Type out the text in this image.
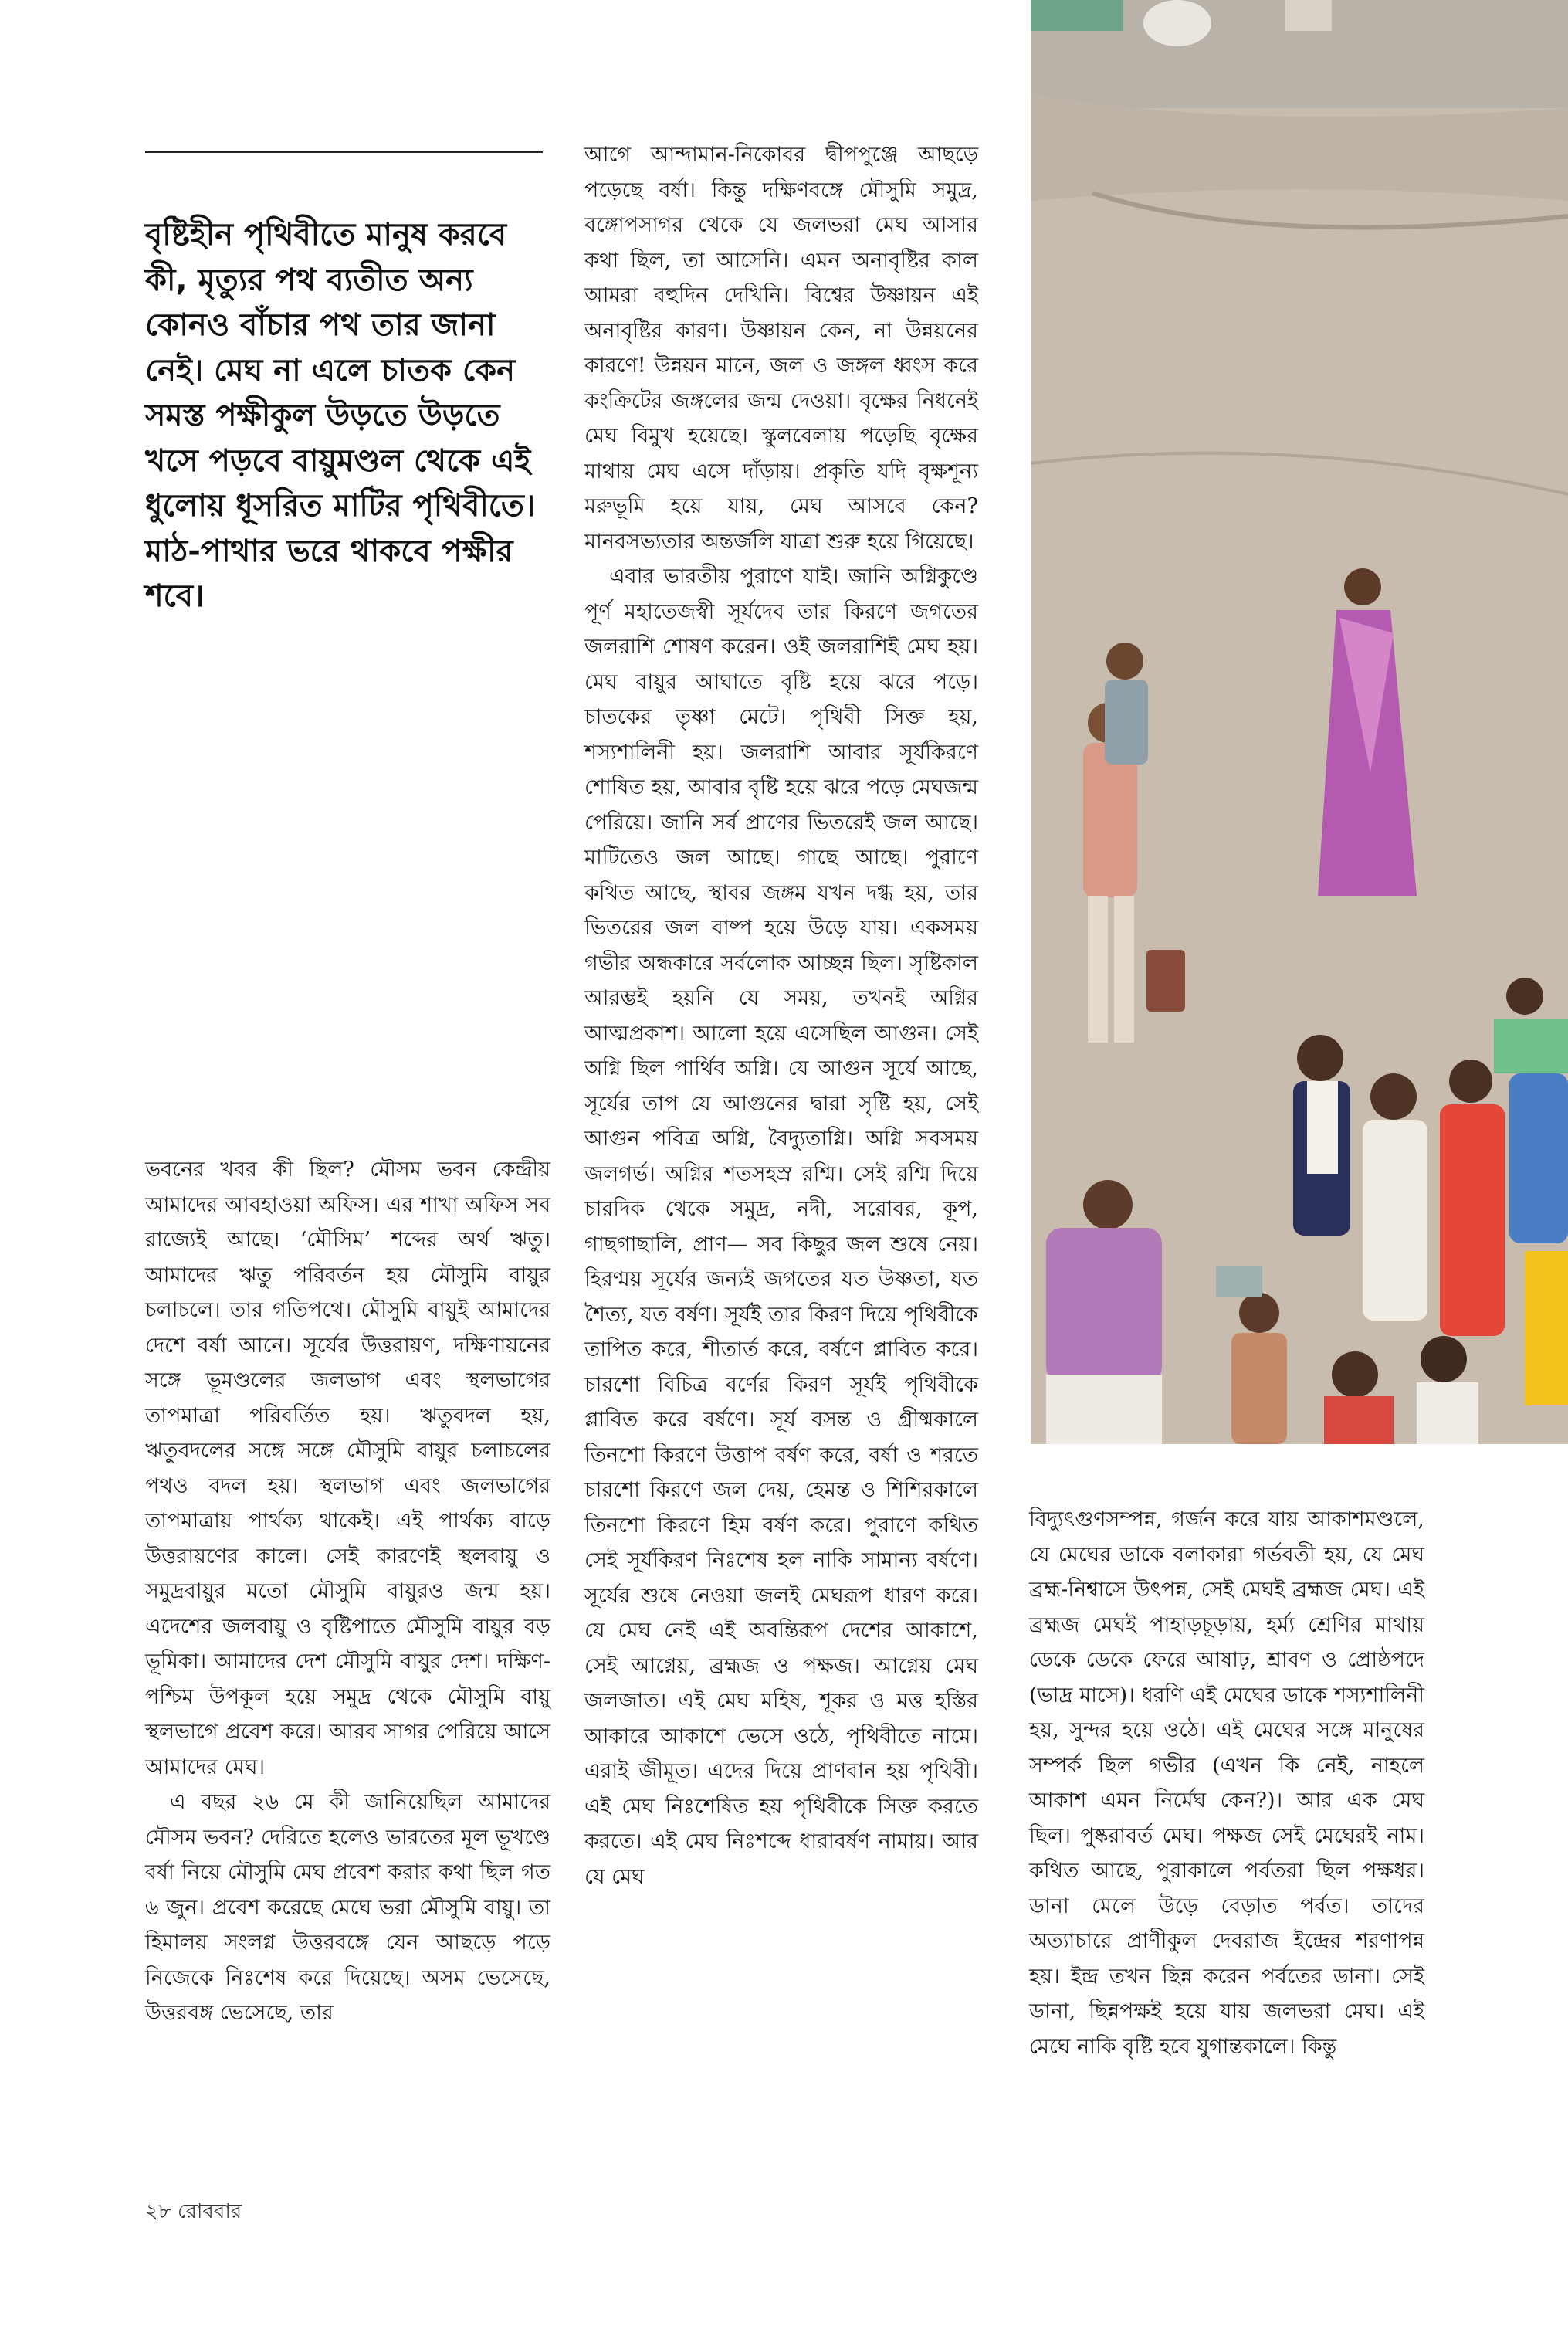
বৃষ্টিহীন পৃথিবীতে মানুষ করবে কী, মৃত্যুর পথ ব্যতীত অন্য কোনও বাঁচার পথ তার জানা নেই। মেঘ না এলে চাতক কেন সমস্ত পক্ষীকুল উড়তে উড়তে খসে পড়বে বায়ুমণ্ডল থেকে এই ধুলোয় ধূসরিত মাটির পৃথিবীতে। মাঠ-পাথার ভরে থাকবে পক্ষীর শবে।

ভবনের খবর কী ছিল? মৌসম ভবন কেন্দ্রীয় আমাদের আবহাওয়া অফিস। এর শাখা অফিস সব রাজ্যেই আছে। ‘মৌসিম’ শব্দের অর্থ ঋতু। আমাদের ঋতু পরিবর্তন হয় মৌসুমি বায়ুর চলাচলে। তার গতিপথে। মৌসুমি বায়ুই আমাদের দেশে বর্ষা আনে। সূর্যের উত্তরায়ণ, দক্ষিণায়নের সঙ্গে ভূমণ্ডলের জলভাগ এবং স্থলভাগের তাপমাত্রা পরিবর্তিত হয়। ঋতুবদল হয়, ঋতুবদলের সঙ্গে সঙ্গে মৌসুমি বায়ুর চলাচলের পথও বদল হয়। স্থলভাগ এবং জলভাগের তাপমাত্রায় পার্থক্য থাকেই। এই পার্থক্য বাড়ে উত্তরায়ণের কালে। সেই কারণেই স্থলবায়ু ও সমুদ্রবায়ুর মতো মৌসুমি বায়ুরও জন্ম হয়। এদেশের জলবায়ু ও বৃষ্টিপাতে মৌসুমি বায়ুর বড় ভূমিকা। আমাদের দেশ মৌসুমি বায়ুর দেশ। দক্ষিণ-পশ্চিম উপকূল হয়ে সমুদ্র থেকে মৌসুমি বায়ু স্থলভাগে প্রবেশ করে। আরব সাগর পেরিয়ে আসে আমাদের মেঘ।

এ বছর ২৬ মে কী জানিয়েছিল আমাদের মৌসম ভবন? দেরিতে হলেও ভারতের মূল ভূখণ্ডে বর্ষা নিয়ে মৌসুমি মেঘ প্রবেশ করার কথা ছিল গত ৬ জুন। প্রবেশ করেছে মেঘে ভরা মৌসুমি বায়ু। তা হিমালয় সংলগ্ন উত্তরবঙ্গে যেন আছড়ে পড়ে নিজেকে নিঃশেষ করে দিয়েছে। অসম ভেসেছে, উত্তরবঙ্গ ভেসেছে, তার

আগে আন্দামান-নিকোবর দ্বীপপুঞ্জে আছড়ে পড়েছে বর্ষা। কিন্তু দক্ষিণবঙ্গে মৌসুমি সমুদ্র, বঙ্গোপসাগর থেকে যে জলভরা মেঘ আসার কথা ছিল, তা আসেনি। এমন অনাবৃষ্টির কাল আমরা বহুদিন দেখিনি। বিশ্বের উষ্ণায়ন এই অনাবৃষ্টির কারণ। উষ্ণায়ন কেন, না উন্নয়নের কারণে! উন্নয়ন মানে, জল ও জঙ্গল ধ্বংস করে কংক্রিটের জঙ্গলের জন্ম দেওয়া। বৃক্ষের নিধনেই মেঘ বিমুখ হয়েছে। স্কুলবেলায় পড়েছি বৃক্ষের মাথায় মেঘ এসে দাঁড়ায়। প্রকৃতি যদি বৃক্ষশূন্য মরুভূমি হয়ে যায়, মেঘ আসবে কেন? মানবসভ্যতার অন্তর্জলি যাত্রা শুরু হয়ে গিয়েছে।

এবার ভারতীয় পুরাণে যাই। জানি অগ্নিকুণ্ডে পূর্ণ মহাতেজস্বী সূর্যদেব তার কিরণে জগতের জলরাশি শোষণ করেন। ওই জলরাশিই মেঘ হয়। মেঘ বায়ুর আঘাতে বৃষ্টি হয়ে ঝরে পড়ে। চাতকের তৃষ্ণা মেটে। পৃথিবী সিক্ত হয়, শস্যশালিনী হয়। জলরাশি আবার সূর্যকিরণে শোষিত হয়, আবার বৃষ্টি হয়ে ঝরে পড়ে মেঘজন্ম পেরিয়ে। জানি সর্ব প্রাণের ভিতরেই জল আছে। মাটিতেও জল আছে। গাছে আছে। পুরাণে কথিত আছে, স্থাবর জঙ্গম যখন দগ্ধ হয়, তার ভিতরের জল বাষ্প হয়ে উড়ে যায়। একসময় গভীর অন্ধকারে সর্বলোক আচ্ছন্ন ছিল। সৃষ্টিকাল আরম্ভই হয়নি যে সময়, তখনই অগ্নির আত্মপ্রকাশ। আলো হয়ে এসেছিল আগুন। সেই অগ্নি ছিল পার্থিব অগ্নি। যে আগুন সূর্যে আছে, সূর্যের তাপ যে আগুনের দ্বারা সৃষ্টি হয়, সেই আগুন পবিত্র অগ্নি, বৈদ্যুতাগ্নি। অগ্নি সবসময় জলগর্ভ। অগ্নির শতসহস্র রশ্মি। সেই রশ্মি দিয়ে চারদিক থেকে সমুদ্র, নদী, সরোবর, কূপ, গাছগাছালি, প্রাণ— সব কিছুর জল শুষে নেয়। হিরণ্ময় সূর্যের জন্যই জগতের যত উষ্ণতা, যত শৈত্য, যত বর্ষণ। সূর্যই তার কিরণ দিয়ে পৃথিবীকে তাপিত করে, শীতার্ত করে, বর্ষণে প্লাবিত করে। চারশো বিচিত্র বর্ণের কিরণ সূর্যই পৃথিবীকে প্লাবিত করে বর্ষণে। সূর্য বসন্ত ও গ্রীষ্মকালে তিনশো কিরণে উত্তাপ বর্ষণ করে, বর্ষা ও শরতে চারশো কিরণে জল দেয়, হেমন্ত ও শিশিরকালে তিনশো কিরণে হিম বর্ষণ করে। পুরাণে কথিত সেই সূর্যকিরণ নিঃশেষ হল নাকি সামান্য বর্ষণে। সূর্যের শুষে নেওয়া জলই মেঘরূপ ধারণ করে। যে মেঘ নেই এই অবন্তিরূপ দেশের আকাশে, সেই আগ্নেয়, ব্রহ্মজ ও পক্ষজ। আগ্নেয় মেঘ জলজাত। এই মেঘ মহিষ, শূকর ও মত্ত হস্তির আকারে আকাশে ভেসে ওঠে, পৃথিবীতে নামে। এরাই জীমূত। এদের দিয়ে প্রাণবান হয় পৃথিবী। এই মেঘ নিঃশেষিত হয় পৃথিবীকে সিক্ত করতে করতে। এই মেঘ নিঃশব্দে ধারাবর্ষণ নামায়। আর যে মেঘ

বিদ্যুৎগুণসম্পন্ন, গর্জন করে যায় আকাশমণ্ডলে, যে মেঘের ডাকে বলাকারা গর্ভবতী হয়, যে মেঘ ব্রহ্ম-নিশ্বাসে উৎপন্ন, সেই মেঘই ব্রহ্মজ মেঘ। এই ব্রহ্মজ মেঘই পাহাড়চূড়ায়, হর্ম্য শ্রেণির মাথায় ডেকে ডেকে ফেরে আষাঢ়, শ্রাবণ ও প্রোষ্ঠপদে (ভাদ্র মাসে)। ধরণি এই মেঘের ডাকে শস্যশালিনী হয়, সুন্দর হয়ে ওঠে। এই মেঘের সঙ্গে মানুষের সম্পর্ক ছিল গভীর (এখন কি নেই, নাহলে আকাশ এমন নির্মেঘ কেন?)। আর এক মেঘ ছিল। পুষ্করাবর্ত মেঘ। পক্ষজ সেই মেঘেরই নাম। কথিত আছে, পুরাকালে পর্বতরা ছিল পক্ষধর। ডানা মেলে উড়ে বেড়াত পর্বত। তাদের অত্যাচারে প্রাণীকুল দেবরাজ ইন্দ্রের শরণাপন্ন হয়। ইন্দ্র তখন ছিন্ন করেন পর্বতের ডানা। সেই ডানা, ছিন্নপক্ষই হয়ে যায় জলভরা মেঘ। এই মেঘে নাকি বৃষ্টি হবে যুগান্তকালে। কিন্তু

২৮ রোববার
